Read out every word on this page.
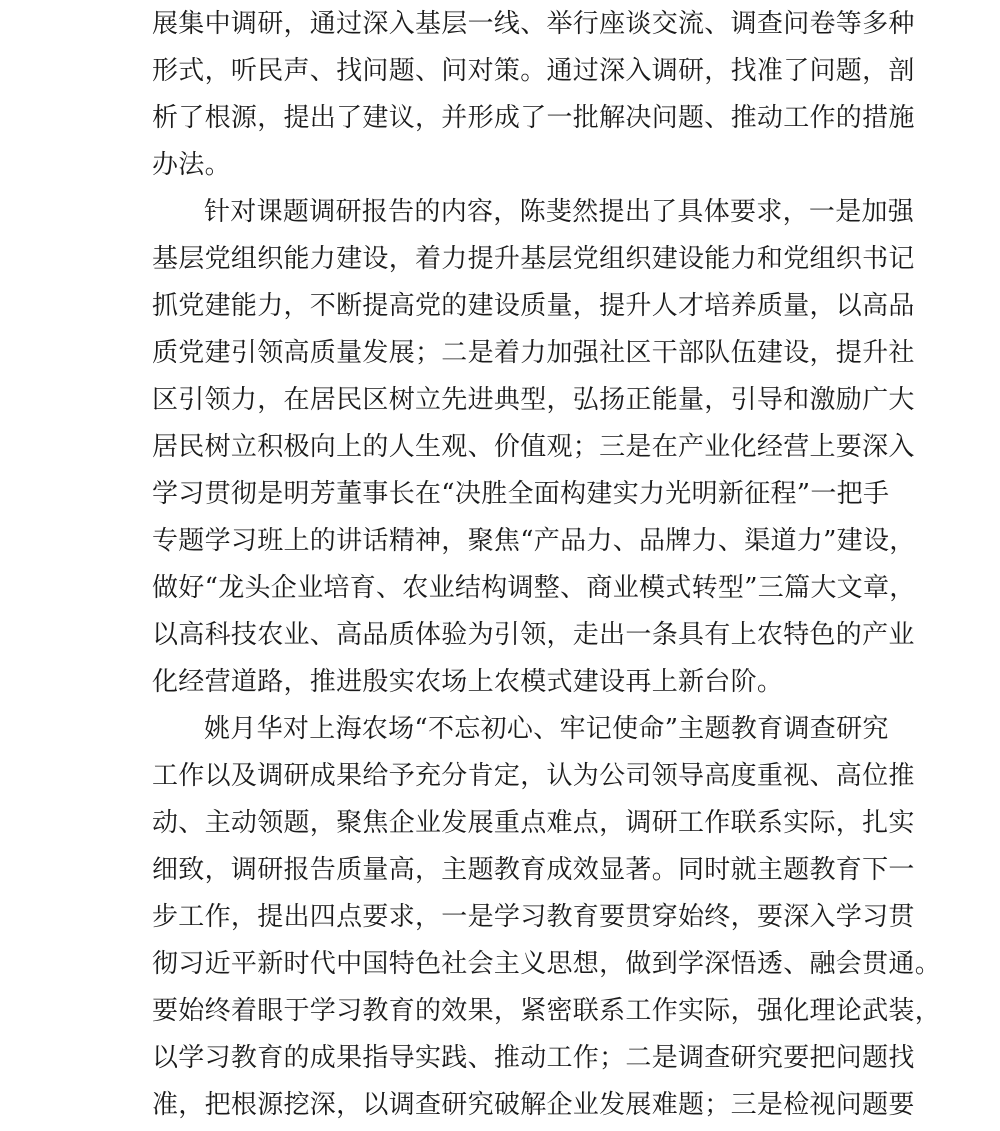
展集中调研，通过深入基层一线、举行座谈交流、调查问卷等多种
形式，听民声、找问题、问对策。通过深入调研，找准了问题，剖
析了根源，提出了建议，并形成了一批解决问题、推动工作的措施
办法。
针对课题调研报告的内容，陈斐然提出了具体要求，一是加强
基层党组织能力建设，着力提升基层党组织建设能力和党组织书记
抓党建能力，不断提高党的建设质量，提升人才培养质量，以高品
质党建引领高质量发展；二是着力加强社区干部队伍建设，提升社
区引领力，在居民区树立先进典型，弘扬正能量，引导和激励广大
居民树立积极向上的人生观、价值观；三是在产业化经营上要深入
学习贯彻是明芳董事长在“决胜全面构建实力光明新征程”一把手
专题学习班上的讲话精神，聚焦“产品力、品牌力、渠道力”建设，
做好“龙头企业培育、农业结构调整、商业模式转型”三篇大文章，
以高科技农业、高品质体验为引领，走出一条具有上农特色的产业
化经营道路，推进殷实农场上农模式建设再上新台阶。
姚月华对上海农场“不忘初心、牢记使命”主题教育调查研究
工作以及调研成果给予充分肯定，认为公司领导高度重视、高位推
动、主动领题，聚焦企业发展重点难点，调研工作联系实际，扎实
细致，调研报告质量高，主题教育成效显著。同时就主题教育下一
步工作，提出四点要求，一是学习教育要贯穿始终，要深入学习贯
彻习近平新时代中国特色社会主义思想，做到学深悟透、融会贯通。
要始终着眼于学习教育的效果，紧密联系工作实际，强化理论武装，
以学习教育的成果指导实践、推动工作；二是调查研究要把问题找
准，把根源挖深，以调查研究破解企业发展难题；三是检视问题要
